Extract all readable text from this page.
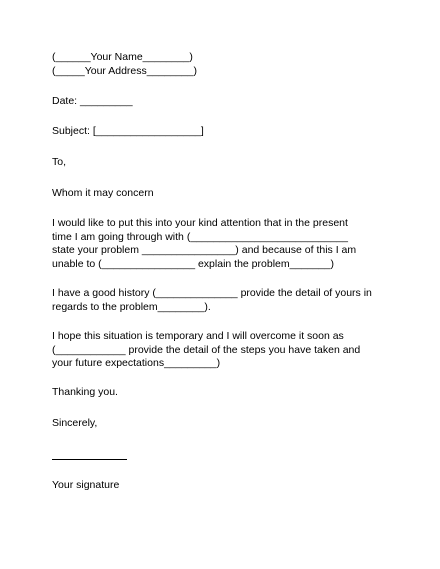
(______Your Name________)
(_____Your Address________)
Date: _________
Subject: [__________________]
To,
Whom it may concern
I would like to put this into your kind attention that in the present
time I am going through with (___________________________
state your problem ________________) and because of this I am
unable to (________________ explain the problem_______)
I have a good history (______________ provide the detail of yours in
regards to the problem________).
I hope this situation is temporary and I will overcome it soon as
(____________ provide the detail of the steps you have taken and
your future expectations_________)
Thanking you.
Sincerely,
Your signature
